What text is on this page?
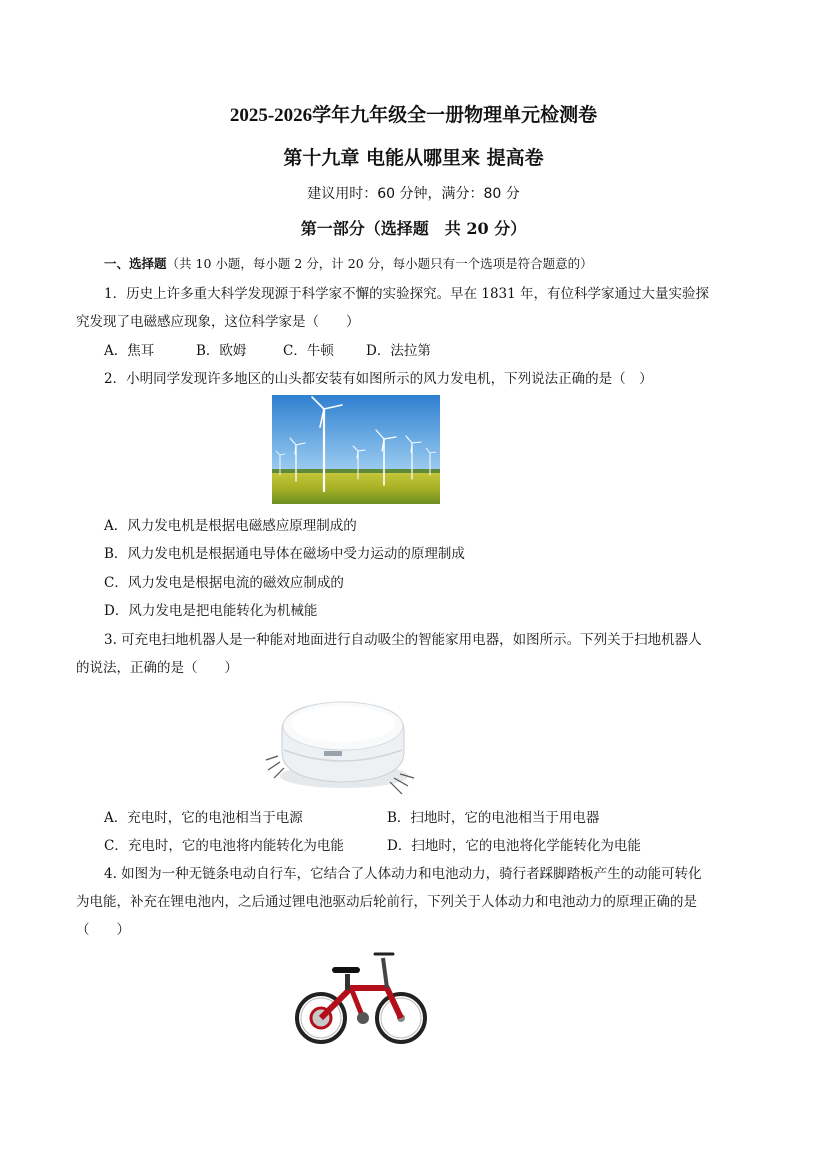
2025-2026学年九年级全一册物理单元检测卷
第十九章 电能从哪里来 提高卷
建议用时：60 分钟，满分：80 分
第一部分（选择题　共 20 分）
一、选择题（共 10 小题，每小题 2 分，计 20 分，每小题只有一个选项是符合题意的）
1．历史上许多重大科学发现源于科学家不懈的实验探究。早在 1831 年，有位科学家通过大量实验探
究发现了电磁感应现象，这位科学家是（　　）
A．焦耳	B．欧姆	C．牛顿 D．法拉第
2．小明同学发现许多地区的山头都安装有如图所示的风力发电机，下列说法正确的是（　）
A．风力发电机是根据电磁感应原理制成的
B．风力发电机是根据通电导体在磁场中受力运动的原理制成
C．风力发电是根据电流的磁效应制成的
D．风力发电是把电能转化为机械能
3. 可充电扫地机器人是一种能对地面进行自动吸尘的智能家用电器，如图所示。下列关于扫地机器人
的说法，正确的是（　　）
A．充电时，它的电池相当于电源	B．扫地时，它的电池相当于用电器
C．充电时，它的电池将内能转化为电能	D．扫地时，它的电池将化学能转化为电能
4. 如图为一种无链条电动自行车，它结合了人体动力和电池动力，骑行者踩脚踏板产生的动能可转化
为电能，补充在锂电池内，之后通过锂电池驱动后轮前行，下列关于人体动力和电池动力的原理正确的是
（　　）
